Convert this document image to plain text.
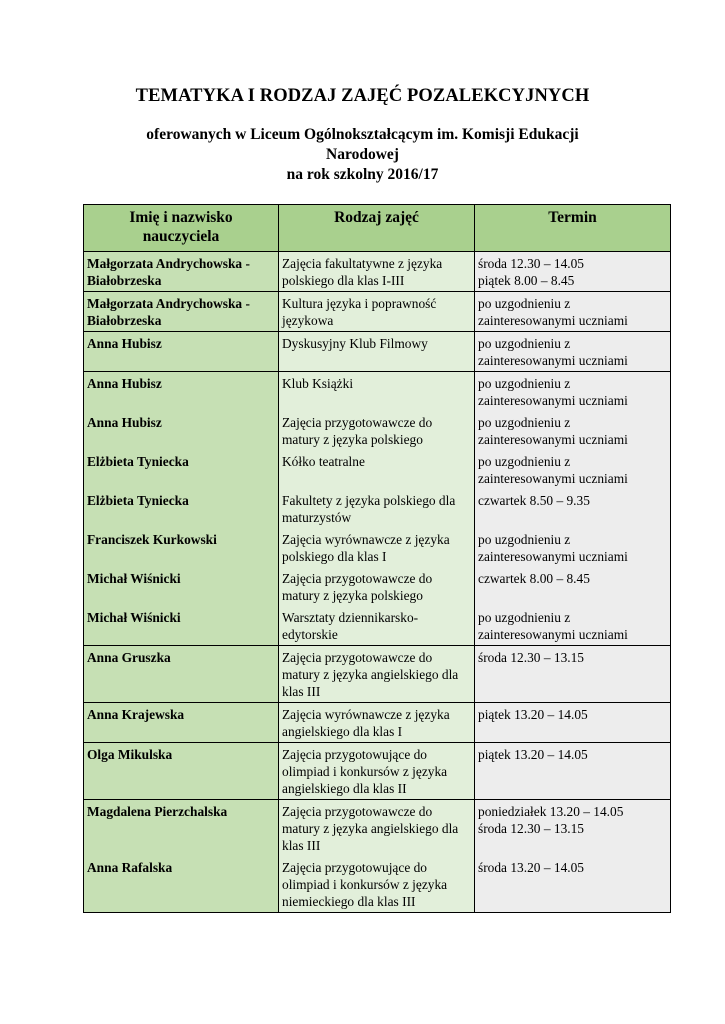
TEMATYKA I RODZAJ ZAJĘĆ POZALEKCYJNYCH
oferowanych w Liceum Ogólnokształcącym im. Komisji Edukacji
Narodowej
na rok szkolny 2016/17
Imię i nazwisko
nauczyciela	Rodzaj zajęć	Termin
Małgorzata Andrychowska - Białobrzeska	Zajęcia fakultatywne z języka polskiego dla klas I-III	środa 12.30 – 14.05
piątek 8.00 – 8.45

Małgorzata Andrychowska - Białobrzeska	Kultura języka i poprawność językowa	po uzgodnieniu z zainteresowanymi uczniami
Anna Hubisz	Dyskusyjny Klub Filmowy	po uzgodnieniu z zainteresowanymi uczniami
Anna Hubisz	Klub Książki	po uzgodnieniu z zainteresowanymi uczniami
Anna Hubisz	Zajęcia przygotowawcze do matury z języka polskiego	po uzgodnieniu z zainteresowanymi uczniami
Elżbieta Tyniecka	Kółko teatralne	po uzgodnieniu z zainteresowanymi uczniami
Elżbieta Tyniecka	Fakultety z języka polskiego dla maturzystów	czwartek 8.50 – 9.35
Franciszek Kurkowski	Zajęcia wyrównawcze z języka polskiego dla klas I	po uzgodnieniu z zainteresowanymi uczniami
Michał Wiśnicki	Zajęcia przygotowawcze do matury z języka polskiego	czwartek 8.00 – 8.45
Michał Wiśnicki	Warsztaty dziennikarsko-edytorskie	po uzgodnieniu z zainteresowanymi uczniami
Anna Gruszka	Zajęcia przygotowawcze do matury z języka angielskiego dla klas III	środa 12.30 – 13.15
Anna Krajewska	Zajęcia wyrównawcze z języka angielskiego dla klas I	piątek 13.20 – 14.05
Olga Mikulska	Zajęcia przygotowujące do olimpiad i konkursów z języka angielskiego dla klas II	piątek 13.20 – 14.05
Magdalena Pierzchalska	Zajęcia przygotowawcze do matury z języka angielskiego dla klas III	poniedziałek 13.20 – 14.05
środa 12.30 – 13.15

Anna Rafalska	Zajęcia przygotowujące do olimpiad i konkursów z języka niemieckiego dla klas III	środa 13.20 – 14.05
